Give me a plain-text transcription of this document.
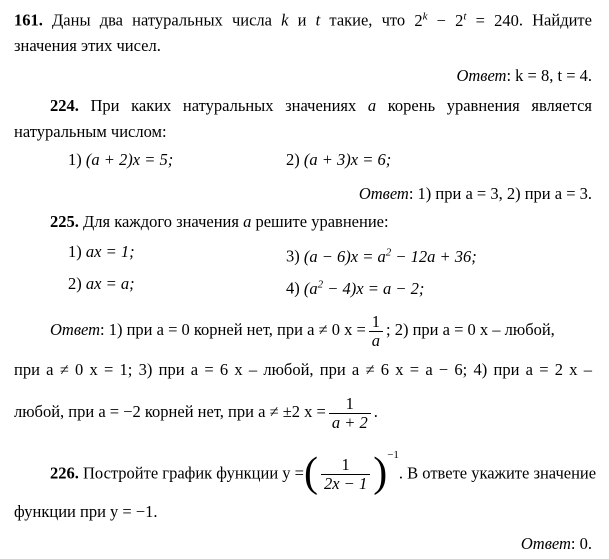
161. Даны два натуральных числа k и t такие, что $2^k - 2^t = 240$. Найдите
значения этих чисел.
Ответ: k = 8, t = 4.
224. При каких натуральных значениях a корень уравнения является
натуральным числом:
1) (a + 2)x = 5;	2) (a + 3)x = 6;
Ответ: 1) при a = 3, 2) при a = 3.
225. Для каждого значения a решите уравнение:
1) ax = 1;	3) $(a - 6)x = a^2 - 12a + 36$;
2) ax = a;	4) $(a^2 - 4)x = a - 2$;
Ответ: 1) при a = 0 корней нет, при a ≠ 0 $x = \frac{1}{a}$ ; 2) при a = 0 x – любой,
при a ≠ 0 x = 1; 3) при a = 6 x – любой, при a ≠ 6 x = a − 6; 4) при a = 2 x –
любой, при a = −2 корней нет, при a ≠ ±2 $x = \frac{1}{a + 2}$ .
226. Постройте график функции y =( $\frac{1}{2x - 1} )^{-1}$. В ответе укажите значение
функции при y = −1.
Ответ: 0.
